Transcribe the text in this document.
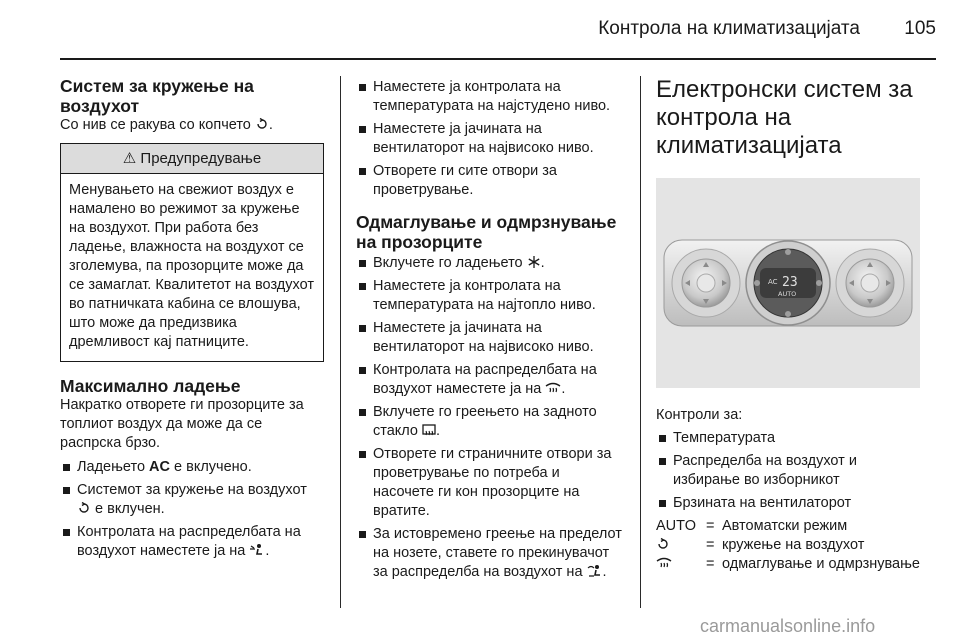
Контрола на климатизацијата	105
Систем за кружење на воздухот

Со нив се ракува со копчето .

⚠ Предупредување
Менувањето на свежиот воздух е намалено во режимот за кружење на воздухот. При работа без ладење, влажноста на воздухот се зголемува, па прозорците може да се замаглат. Квалитетот на воздухот во патничката кабина се влошува, што може да предизвика дремливост кај патниците.
Максимално ладење

Накратко отворете ги прозорците за топлиот воздух да може да се распрска брзо.

Ладењето AC е вклучено.
Системот за кружење на воздухот  е вклучен.
Контролата на распределбата на воздухот наместете ја на .
Наместете ја контролата на температурата на најстудено ниво.
Наместете ја јачината на вентилаторот на највисоко ниво.
Отворете ги сите отвори за проветрување.
Одмаглување и одмрзнување на прозорците
Вклучете го ладењето .
Наместете ја контролата на температурата на најтопло ниво.
Наместете ја јачината на вентилаторот на највисоко ниво.
Контролата на распределбата на воздухот наместете ја на .
Вклучете го греењето на задното стакло .
Отворете ги страничните отвори за проветрување по потреба и насочете ги кон прозорците на вратите.
За истовремено греење на пределот на нозете, ставете го прекинувачот за распределба на воздухот на .
Електронски систем за контрола на климатизацијата
AC 23
AUTO

Контроли за:

Температурата
Распределба на воздухот и избирање во изборникот
Брзината на вентилаторот
AUTO = Автоматски режим
= кружење на воздухот
= одмаглување и одмрзнување
carmanualsonline.info
